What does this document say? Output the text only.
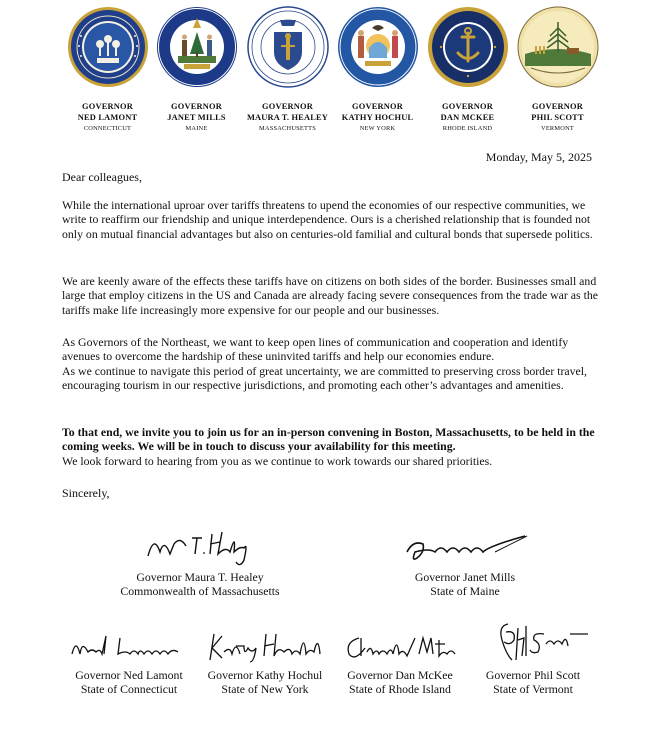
GOVERNOR
NED LAMONT
CONNECTICUT
GOVERNOR
JANET MILLS
MAINE
GOVERNOR
MAURA T. HEALEY
MASSACHUSETTS
GOVERNOR
KATHY HOCHUL
NEW YORK
GOVERNOR
DAN MCKEE
RHODE ISLAND
GOVERNOR
PHIL SCOTT
VERMONT
Monday, May 5, 2025
Dear colleagues,

While the international uproar over tariffs threatens to upend the economies of our respective communities, we write to reaffirm our friendship and unique interdependence. Ours is a cherished relationship that is founded not only on mutual financial advantages but also on centuries-old familial and cultural bonds that supersede politics.

We are keenly aware of the effects these tariffs have on citizens on both sides of the border. Businesses small and large that employ citizens in the US and Canada are already facing severe consequences from the trade war as the tariffs make life increasingly more expensive for our people and our businesses.

As Governors of the Northeast, we want to keep open lines of communication and cooperation and identify avenues to overcome the hardship of these uninvited tariffs and help our economies endure.
As we continue to navigate this period of great uncertainty, we are committed to preserving cross border travel, encouraging tourism in our respective jurisdictions, and promoting each other’s advantages and amenities.
To that end, we invite you to join us for an in-person convening in Boston, Massachusetts, to be held in the coming weeks. We will be in touch to discuss your availability for this meeting.
We look forward to hearing from you as we continue to work towards our shared priorities.
Sincerely,
Governor Maura T. Healey
Commonwealth of Massachusetts
Governor Janet Mills
State of Maine
Governor Ned Lamont
State of Connecticut
Governor Kathy Hochul
State of New York
Governor Dan McKee
State of Rhode Island
Governor Phil Scott
State of Vermont
